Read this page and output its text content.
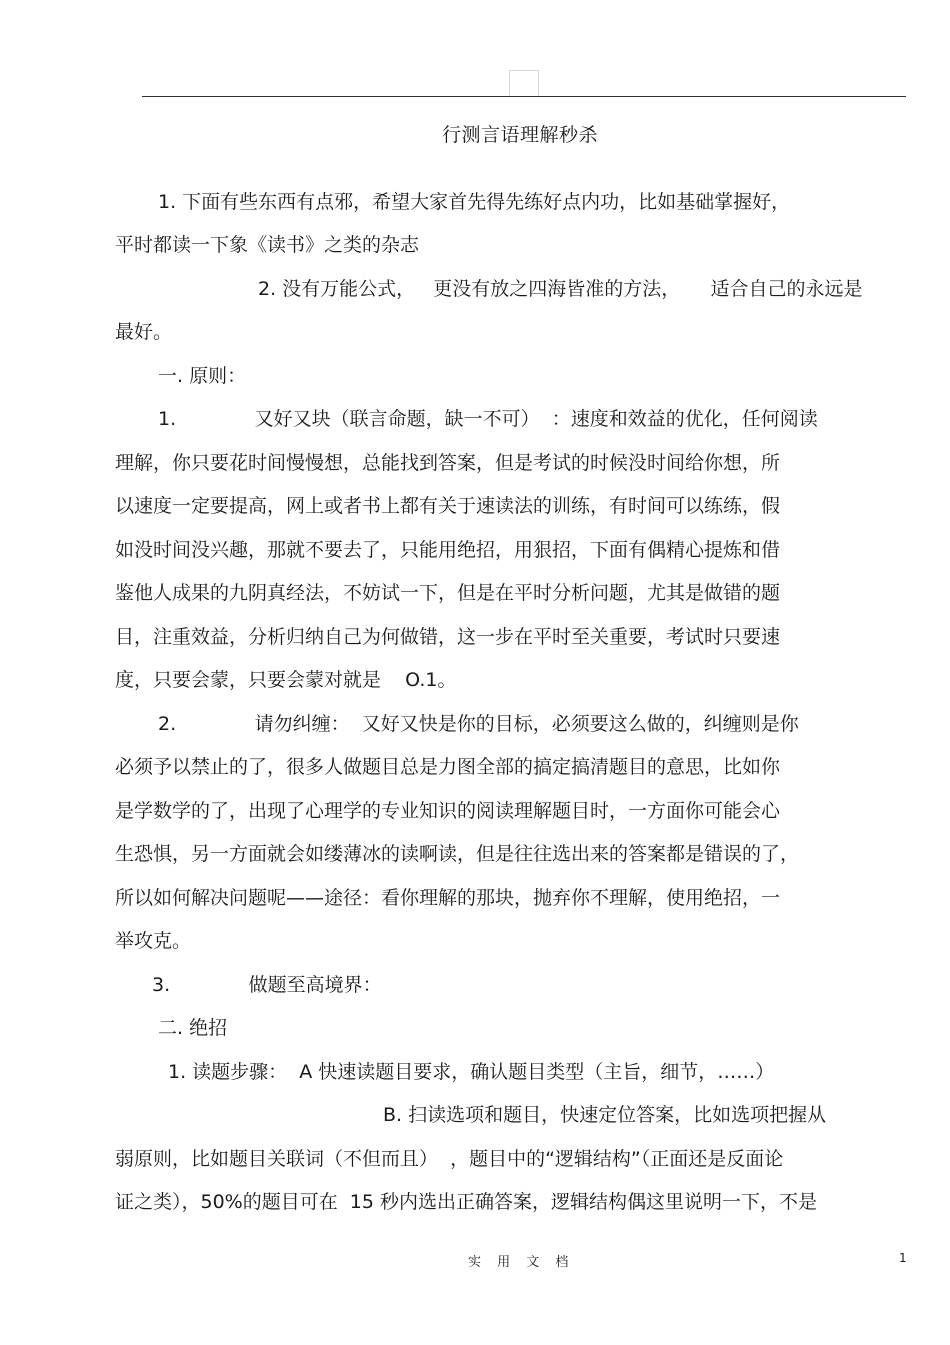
行测言语理解秒杀
1. 下面有些东西有点邪，希望大家首先得先练好点内功，比如基础掌握好，
平时都读一下象《读书》之类的杂志
2. 没有万能公式，   更没有放之四海皆准的方法，     适合自己的永远是
最好。
一. 原则：
1.             又好又块（联言命题，缺一不可）  ：速度和效益的优化，任何阅读
理解，你只要花时间慢慢想，总能找到答案，但是考试的时候没时间给你想，所
以速度一定要提高，网上或者书上都有关于速读法的训练，有时间可以练练，假
如没时间没兴趣，那就不要去了，只能用绝招，用狠招，下面有偶精心提炼和借
鉴他人成果的九阴真经法，不妨试一下，但是在平时分析问题，尤其是做错的题
目，注重效益，分析归纳自己为何做错，这一步在平时至关重要，考试时只要速
度，只要会蒙，只要会蒙对就是    O.1。
2.             请勿纠缠：  又好又快是你的目标，必须要这么做的，纠缠则是你
必须予以禁止的了，很多人做题目总是力图全部的搞定搞清题目的意思，比如你
是学数学的了，出现了心理学的专业知识的阅读理解题目时，一方面你可能会心
生恐惧，另一方面就会如缕薄冰的读啊读，但是往往选出来的答案都是错误的了，
所以如何解决问题呢——途径：看你理解的那块，抛弃你不理解，使用绝招，一
举攻克。
3.             做题至高境界：
二. 绝招
1. 读题步骤：  A 快速读题目要求，确认题目类型（主旨，细节，……）
B. 扫读选项和题目，快速定位答案，比如选项把握从
弱原则，比如题目关联词（不但而且）  ，题目中的“逻辑结构”（正面还是反面论
证之类），50%的题目可在  15 秒内选出正确答案，逻辑结构偶这里说明一下，不是
实 用 文 档	1
